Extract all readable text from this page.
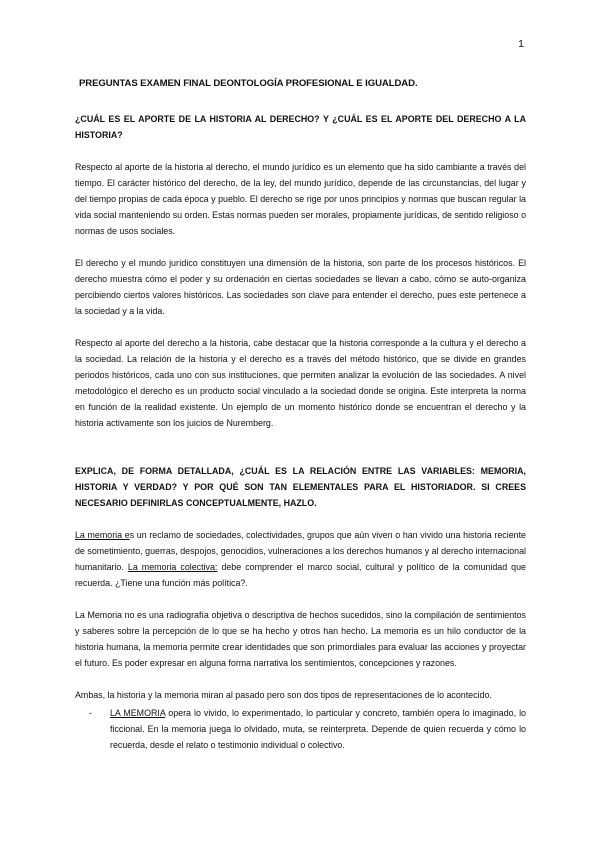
1
PREGUNTAS EXAMEN FINAL DEONTOLOGÍA PROFESIONAL E IGUALDAD.
¿CUÁL ES EL APORTE DE LA HISTORIA AL DERECHO? Y ¿CUÁL ES EL APORTE DEL DERECHO A LA HISTORIA?

Respecto al aporte de la historia al derecho, el mundo jurídico es un elemento que ha sido cambiante a través del tiempo. El carácter histórico del derecho, de la ley, del mundo jurídico, depende de las circunstancias, del lugar y del tiempo propias de cada época y pueblo. El derecho se rige por unos principios y normas que buscan regular la vida social manteniendo su orden. Estas normas pueden ser morales, propiamente jurídicas, de sentido religioso o normas de usos sociales.

El derecho y el mundo jurídico constituyen una dimensión de la historia, son parte de los procesos históricos. El derecho muestra cómo el poder y su ordenación en ciertas sociedades se llevan a cabo, cómo se auto-organiza percibiendo ciertos valores históricos. Las sociedades son clave para entender el derecho, pues este pertenece a la sociedad y a la vida.

Respecto al aporte del derecho a la historia, cabe destacar que la historia corresponde a la cultura y el derecho a la sociedad. La relación de la historia y el derecho es a través del método histórico, que se divide en grandes periodos históricos, cada uno con sus instituciones, que permiten analizar la evolución de las sociedades. A nivel metodológico el derecho es un producto social vinculado a la sociedad donde se origina. Este interpreta la norma en función de la realidad existente. Un ejemplo de un momento histórico donde se encuentran el derecho y la historia activamente son los juicios de Nuremberg.

EXPLICA, DE FORMA DETALLADA, ¿CUÁL ES LA RELACIÓN ENTRE LAS VARIABLES: MEMORIA, HISTORIA Y VERDAD? Y POR QUÉ SON TAN ELEMENTALES PARA EL HISTORIADOR. SI CREES NECESARIO DEFINIRLAS CONCEPTUALMENTE, HAZLO.

La memoria es un reclamo de sociedades, colectividades, grupos que aún viven o han vivido una historia reciente de sometimiento, guerras, despojos, genocidios, vulneraciones a los derechos humanos y al derecho internacional humanitario. La memoria colectiva: debe comprender el marco social, cultural y político de la comunidad que recuerda. ¿Tiene una función más política?.

La Memoria no es una radiografía objetiva o descriptiva de hechos sucedidos, sino la compilación de sentimientos y saberes sobre la percepción de lo que se ha hecho y otros han hecho. La memoria es un hilo conductor de la historia humana, la memoria permite crear identidades que son primordiales para evaluar las acciones y proyectar el futuro. Es poder expresar en alguna forma narrativa los sentimientos, concepciones y razones.

Ambas, la historia y la memoria miran al pasado pero son dos tipos de representaciones de lo acontecido.

- LA MEMORIA opera lo vivido, lo experimentado, lo particular y concreto, también opera lo imaginado, lo ficcional. En la memoria juega lo olvidado, muta, se reinterpreta. Depende de quien recuerda y cómo lo recuerda, desde el relato o testimonio individual o colectivo.
